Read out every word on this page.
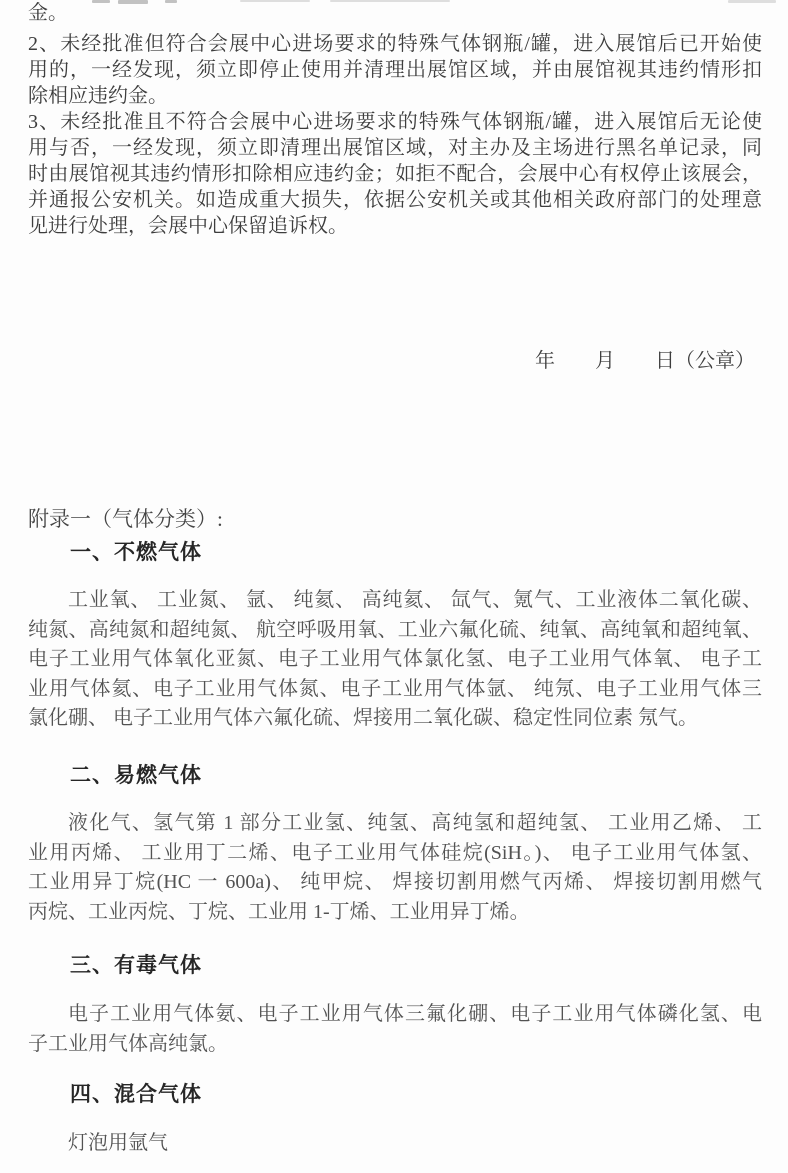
金。
2、未经批准但符合会展中心进场要求的特殊气体钢瓶/罐，进入展馆后已开始使
用的，一经发现，须立即停止使用并清理出展馆区域，并由展馆视其违约情形扣
除相应违约金。
3、未经批准且不符合会展中心进场要求的特殊气体钢瓶/罐，进入展馆后无论使
用与否，一经发现，须立即清理出展馆区域，对主办及主场进行黑名单记录，同
时由展馆视其违约情形扣除相应违约金；如拒不配合，会展中心有权停止该展会，
并通报公安机关。如造成重大损失，依据公安机关或其他相关政府部门的处理意
见进行处理，会展中心保留追诉权。
年　　月　　日（公章）
附录一（气体分类）:
一、不燃气体
工业氧、 工业氮、 氩、 纯氦、 高纯氦、 氙气、氪气、工业液体二氧化碳、
纯氮、高纯氮和超纯氮、 航空呼吸用氧、工业六氟化硫、纯氧、高纯氧和超纯氧、
电子工业用气体氧化亚氮、电子工业用气体氯化氢、电子工业用气体氧、 电子工
业用气体氦、电子工业用气体氮、电子工业用气体氩、 纯氖、电子工业用气体三
氯化硼、 电子工业用气体六氟化硫、焊接用二氧化碳、稳定性同位素 氖气。
二、易燃气体
液化气、氢气第 1 部分工业氢、纯氢、高纯氢和超纯氢、 工业用乙烯、 工
业用丙烯、 工业用丁二烯、电子工业用气体硅烷(SiH。)、 电子工业用气体氢、
工业用异丁烷(HC 一 600a)、 纯甲烷、 焊接切割用燃气丙烯、 焊接切割用燃气
丙烷、工业丙烷、丁烷、工业用 1-丁烯、工业用异丁烯。
三、有毒气体
电子工业用气体氨、电子工业用气体三氟化硼、电子工业用气体磷化氢、电
子工业用气体高纯氯。
四、混合气体
灯泡用氩气
